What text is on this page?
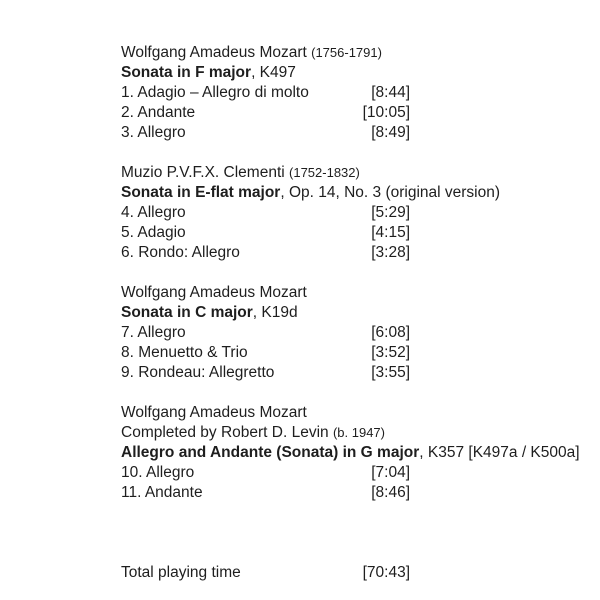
Wolfgang Amadeus Mozart (1756-1791)
Sonata in F major, K497
1. Adagio – Allegro di molto	[8:44]
2. Andante	[10:05]
3. Allegro	[8:49]
Muzio P.V.F.X. Clementi (1752-1832)
Sonata in E-flat major, Op. 14, No. 3 (original version)
4. Allegro	[5:29]
5. Adagio	[4:15]
6. Rondo: Allegro	[3:28]
Wolfgang Amadeus Mozart
Sonata in C major, K19d
7. Allegro	[6:08]
8. Menuetto & Trio	[3:52]
9. Rondeau: Allegretto	[3:55]
Wolfgang Amadeus Mozart
Completed by Robert D. Levin (b. 1947)
Allegro and Andante (Sonata) in G major, K357 [K497a / K500a]
10. Allegro	[7:04]
11. Andante	[8:46]
Total playing time	[70:43]
